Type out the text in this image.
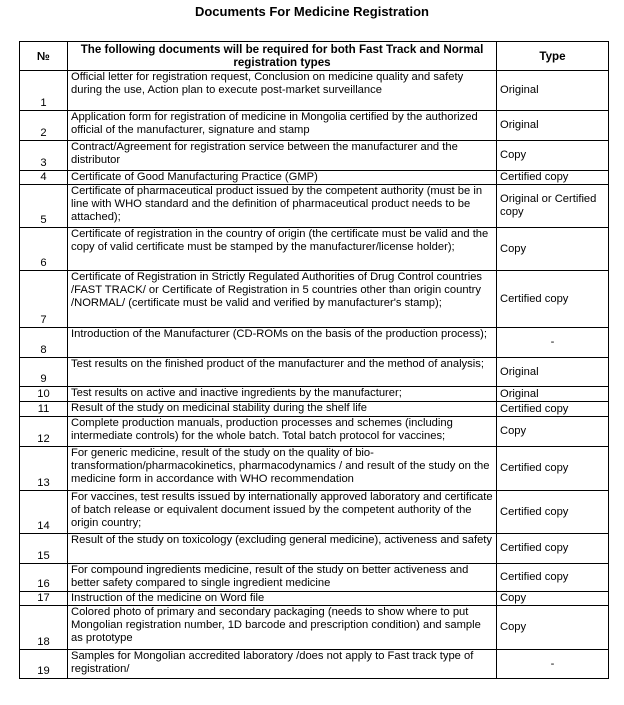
Documents For Medicine Registration
№	The following documents will be required for both Fast Track and Normal registration types	Type
1	Official letter for registration request, Conclusion on medicine quality and safety during the use, Action plan to execute post-market surveillance	Original
2	Application form for registration of medicine in Mongolia certified by the authorized official of the manufacturer, signature and stamp	Original
3	Contract/Agreement for registration service between the manufacturer and the distributor	Copy
4	Certificate of Good Manufacturing Practice (GMP)	Certified copy
5	Certificate of pharmaceutical product issued by the competent authority (must be in line with WHO standard and the definition of pharmaceutical product needs to be attached);	Original or Certified copy
6	Certificate of registration in the country of origin (the certificate must be valid and the copy of valid certificate must be stamped by the manufacturer/license holder);	Copy
7	Certificate of Registration in Strictly Regulated Authorities of Drug Control countries /FAST TRACK/ or Certificate of Registration in 5 countries other than origin country /NORMAL/ (certificate must be valid and verified by manufacturer's stamp);	Certified copy
8	Introduction of the Manufacturer (CD-ROMs on the basis of the production process);	-
9	Test results on the finished product of the manufacturer and the method of analysis;	Original
10	Test results on active and inactive ingredients by the manufacturer;	Original
11	Result of the study on medicinal stability during the shelf life	Certified copy
12	Complete production manuals, production processes and schemes (including intermediate controls) for the whole batch. Total batch protocol for vaccines;	Copy
13	For generic medicine, result of the study on the quality of bio-transformation/pharmacokinetics, pharmacodynamics / and result of the study on the medicine form in accordance with WHO recommendation	Certified copy
14	For vaccines, test results issued by internationally approved laboratory and certificate of batch release or equivalent document issued by the competent authority of the origin country;	Certified copy
15	Result of the study on toxicology (excluding general medicine), activeness and safety	Certified copy
16	For compound ingredients medicine, result of the study on better activeness and better safety compared to single ingredient medicine	Certified copy
17	Instruction of the medicine on Word file	Copy
18	Colored photo of primary and secondary packaging (needs to show where to put Mongolian registration number, 1D barcode and prescription condition) and sample as prototype	Copy
19	Samples for Mongolian accredited laboratory /does not apply to Fast track type of registration/	-
